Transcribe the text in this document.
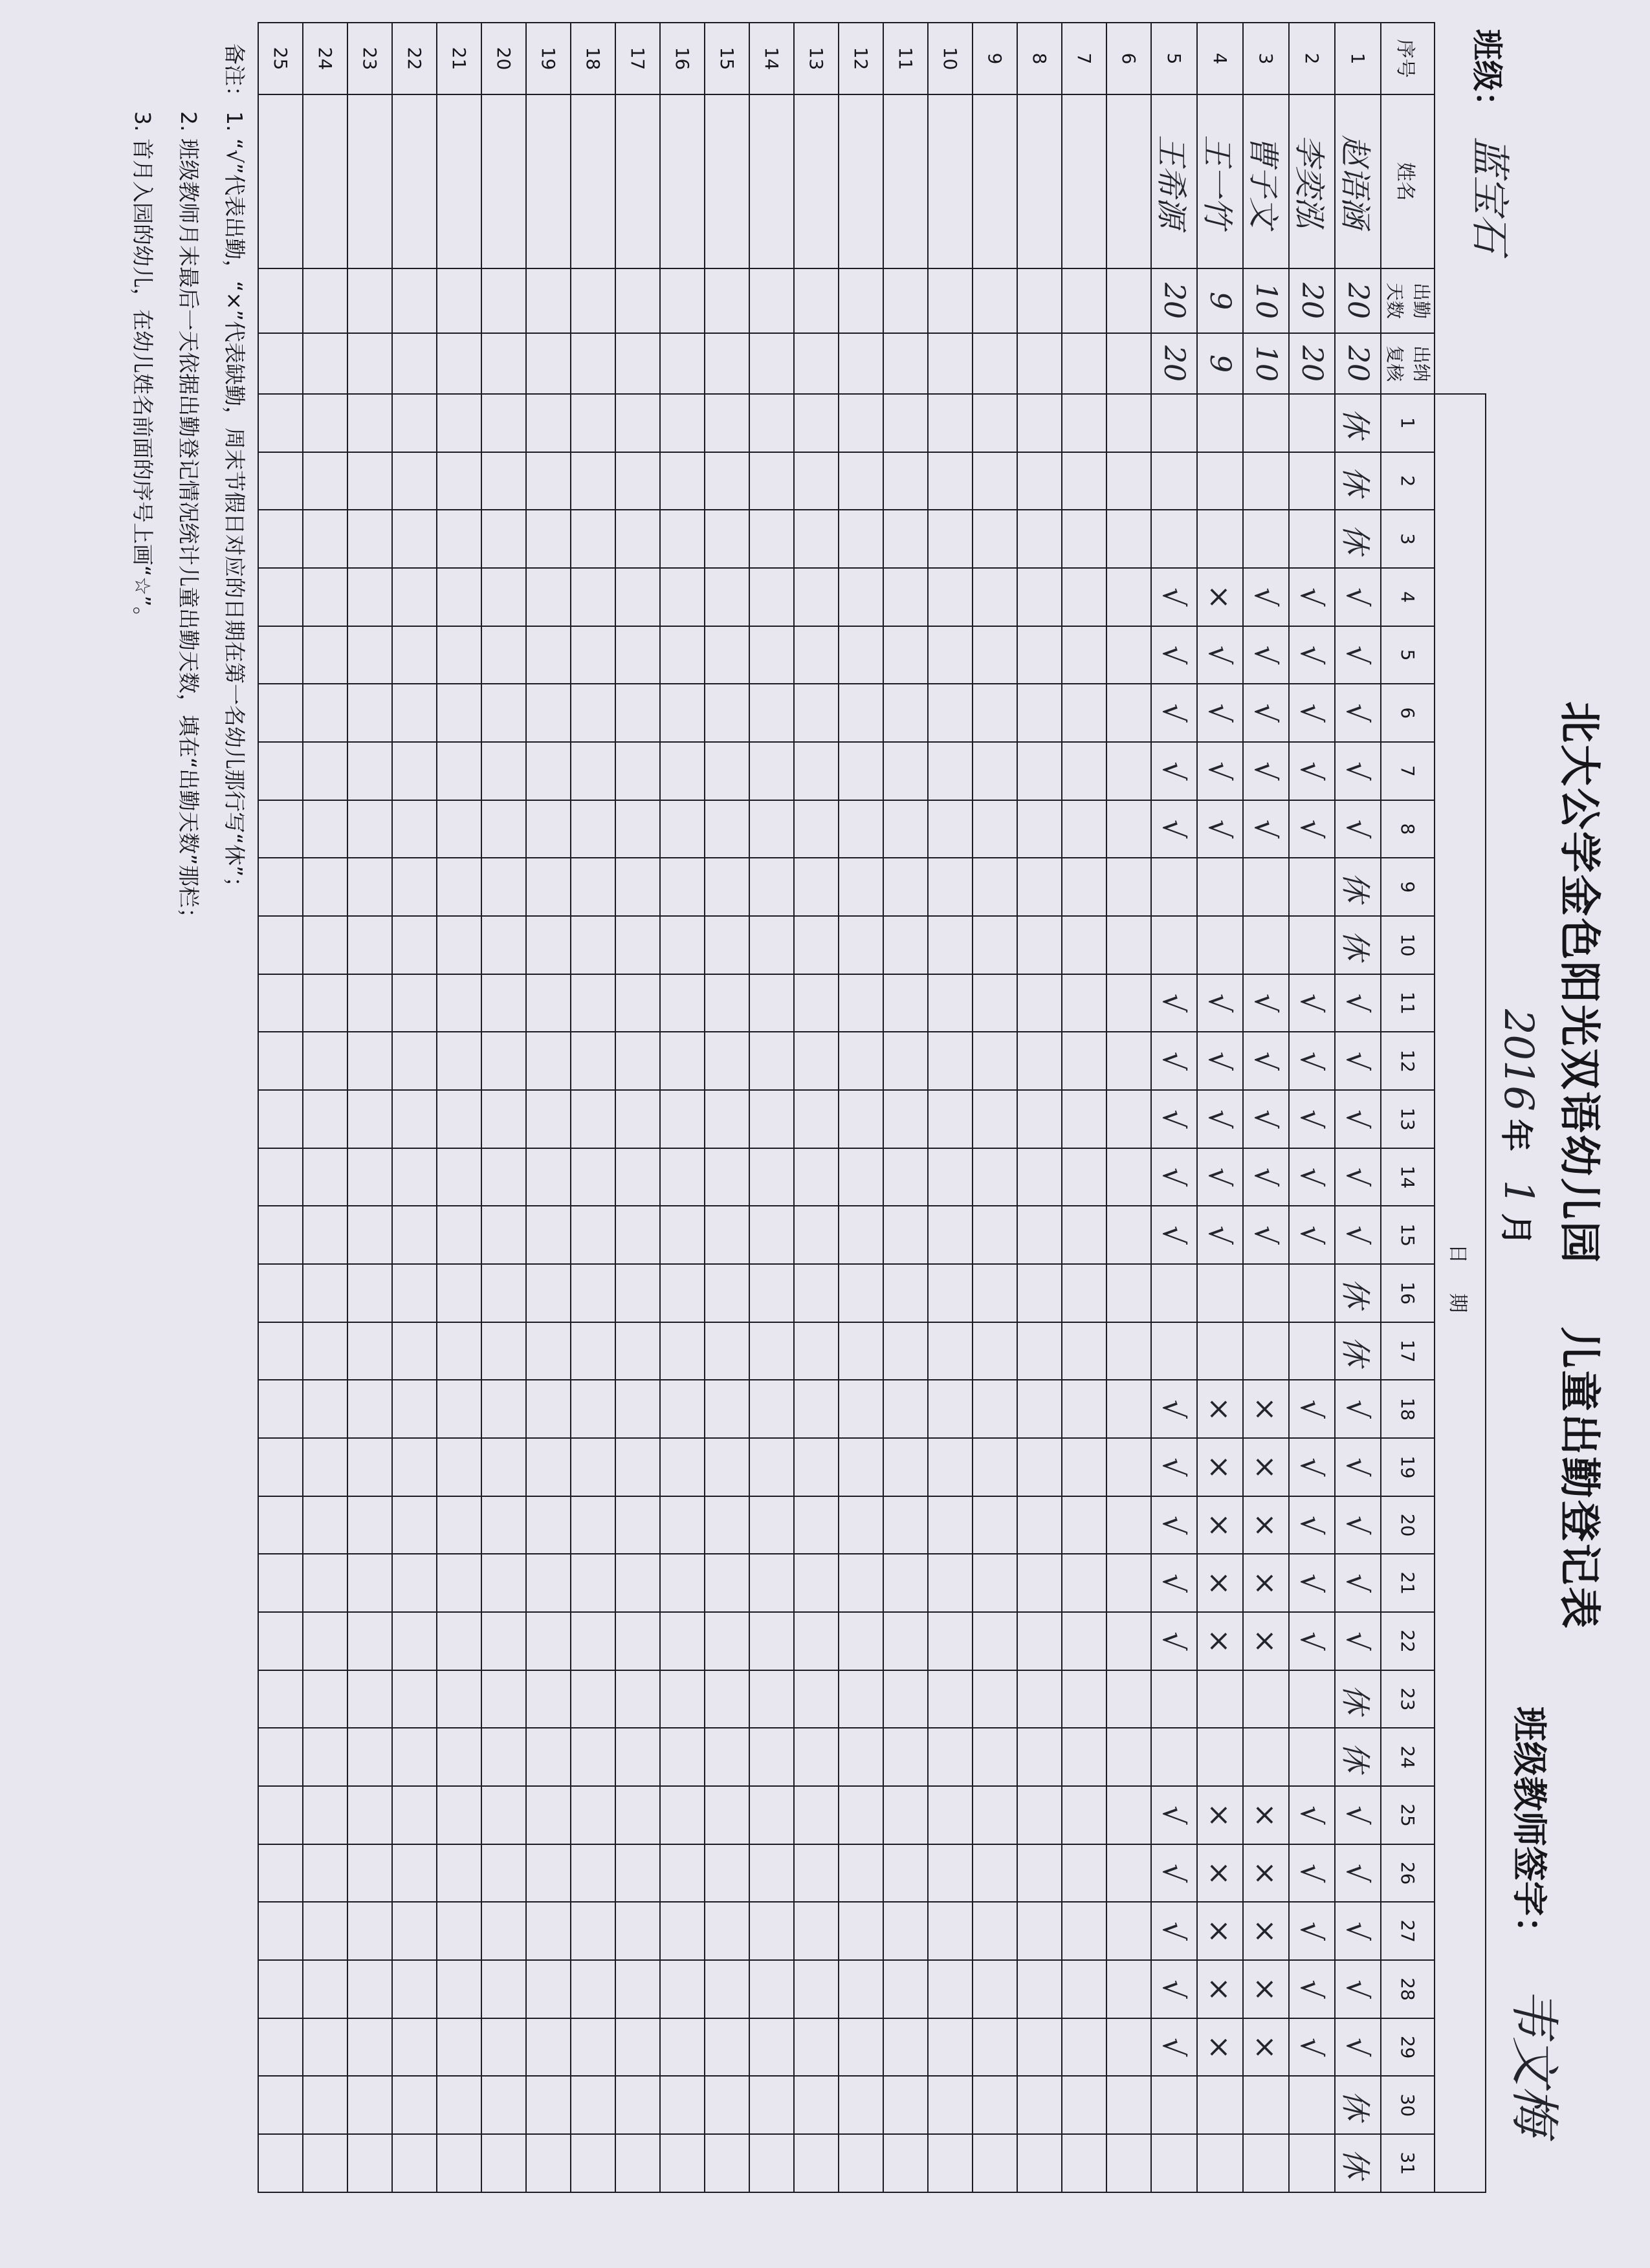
北大公学金色阳光双语幼儿园儿童出勤登记表
班级：
蓝宝石
2016
年
1
月
班级教师签字：
韦文梅
				日期																														
序号	姓名	出勤天数	出纳复核	1	2	3	4	5	6	7	8	9	10	11	12	13	14	15	16	17	18	19	20	21	22	23	24	25	26	27	28	29	30	31
1	赵语涵	20	20	休	休	休	√	√	√	√	√	休	休	√	√	√	√	√	休	休	√	√	√	√	√	休	休	√	√	√	√	√	休	休
2	李奕泓	20	20				√	√	√	√	√			√	√	√	√	√			√	√	√	√	√			√	√	√	√	√		
3	曹子文	10	10				√	√	√	√	√			√	√	√	√	√			×	×	×	×	×			×	×	×	×	×		
4	王一竹	9	9				×	√	√	√	√			√	√	√	√	√			×	×	×	×	×			×	×	×	×	×		
5	王希源	20	20				√	√	√	√	√			√	√	√	√	√			√	√	√	√	√			√	√	√	√	√		
6																																		
7																																		
8																																		
9																																		
10																																		
11																																		
12																																		
13																																		
14																																		
15																																		
16																																		
17																																		
18																																		
19																																		
20																																		
21																																		
22																																		
23																																		
24																																		
25																																		
备注：
1. “√”代表出勤，“×”代表缺勤，周末节假日对应的日期在第一名幼儿那行写“休”；
2. 班级教师月末最后一天依据出勤登记情况统计儿童出勤天数，填在“出勤天数”那栏；
3. 首月入园的幼儿，在幼儿姓名前面的序号上画“☆”。
